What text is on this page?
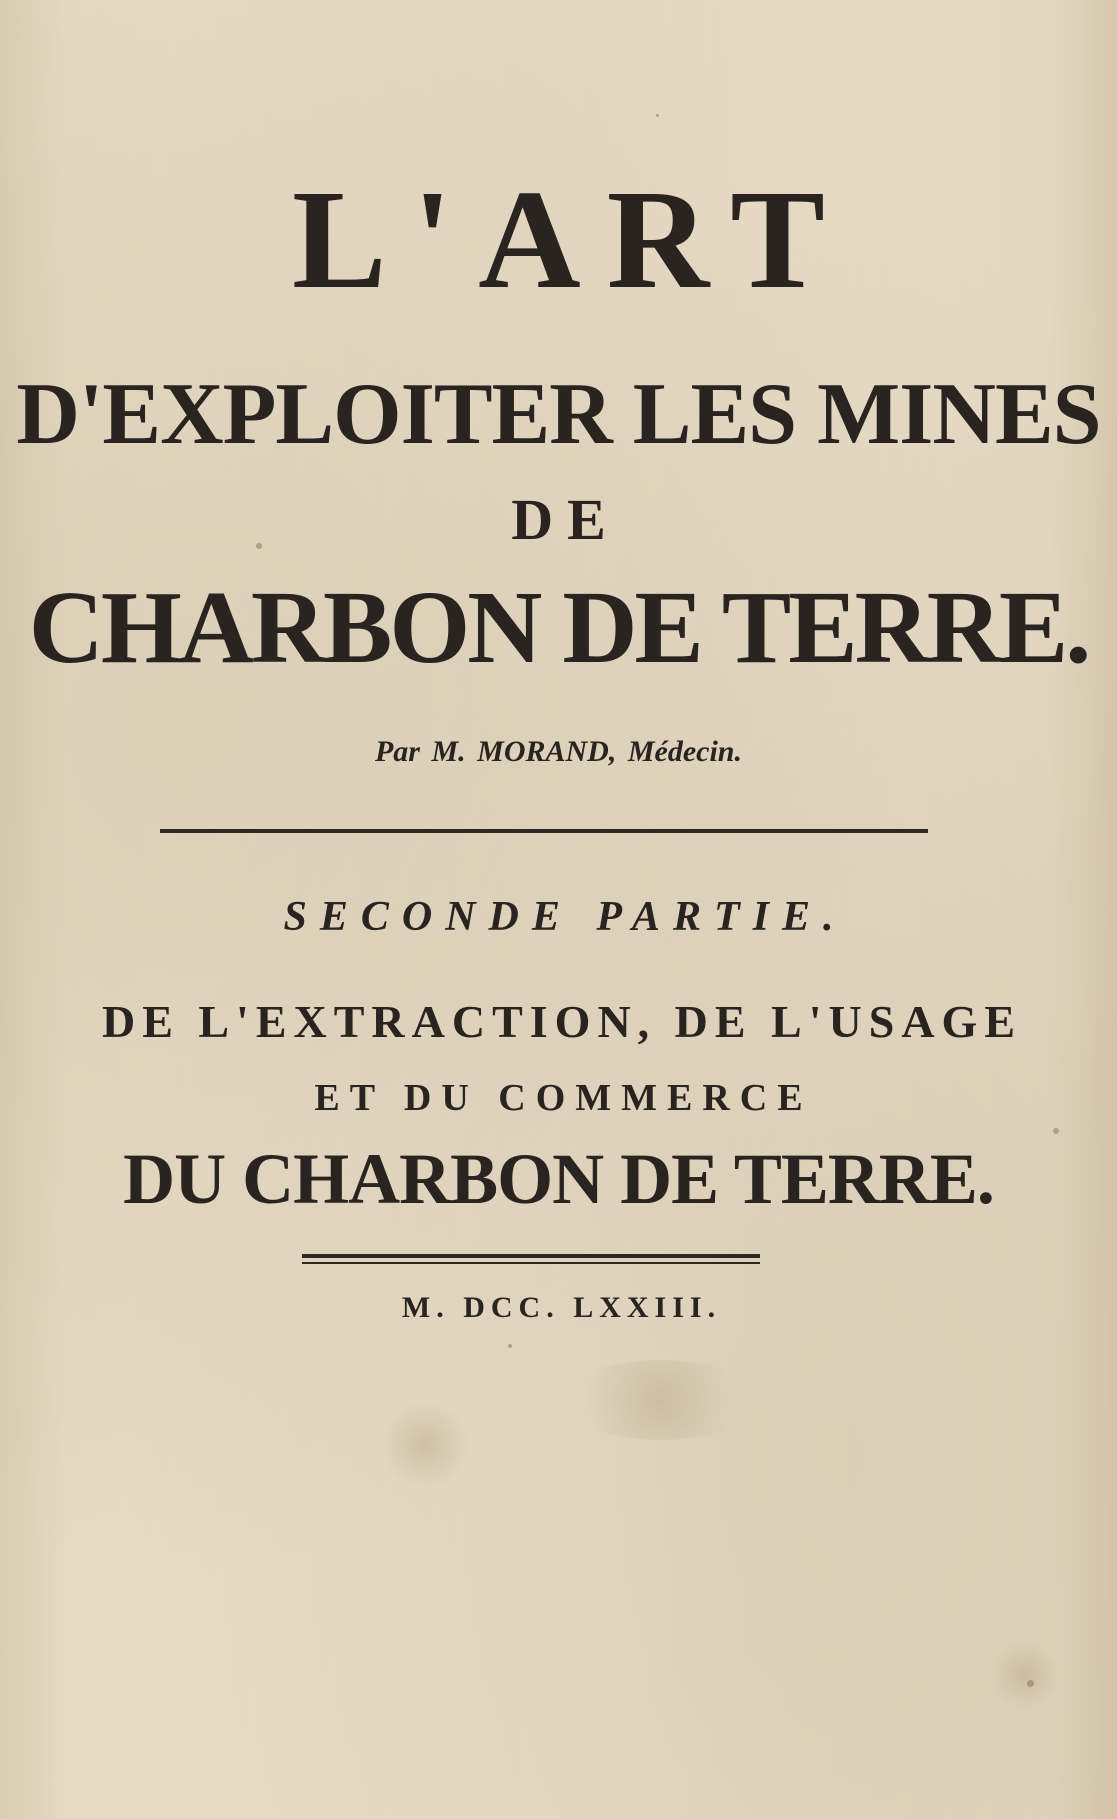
L'ART
D'EXPLOITER LES MINES
DE
CHARBON DE TERRE.
Par M. MORAND, Médecin.
SECONDE PARTIE.
DE L'EXTRACTION, DE L'USAGE
ET DU COMMERCE
DU CHARBON DE TERRE.
M. DCC. LXXIII.
